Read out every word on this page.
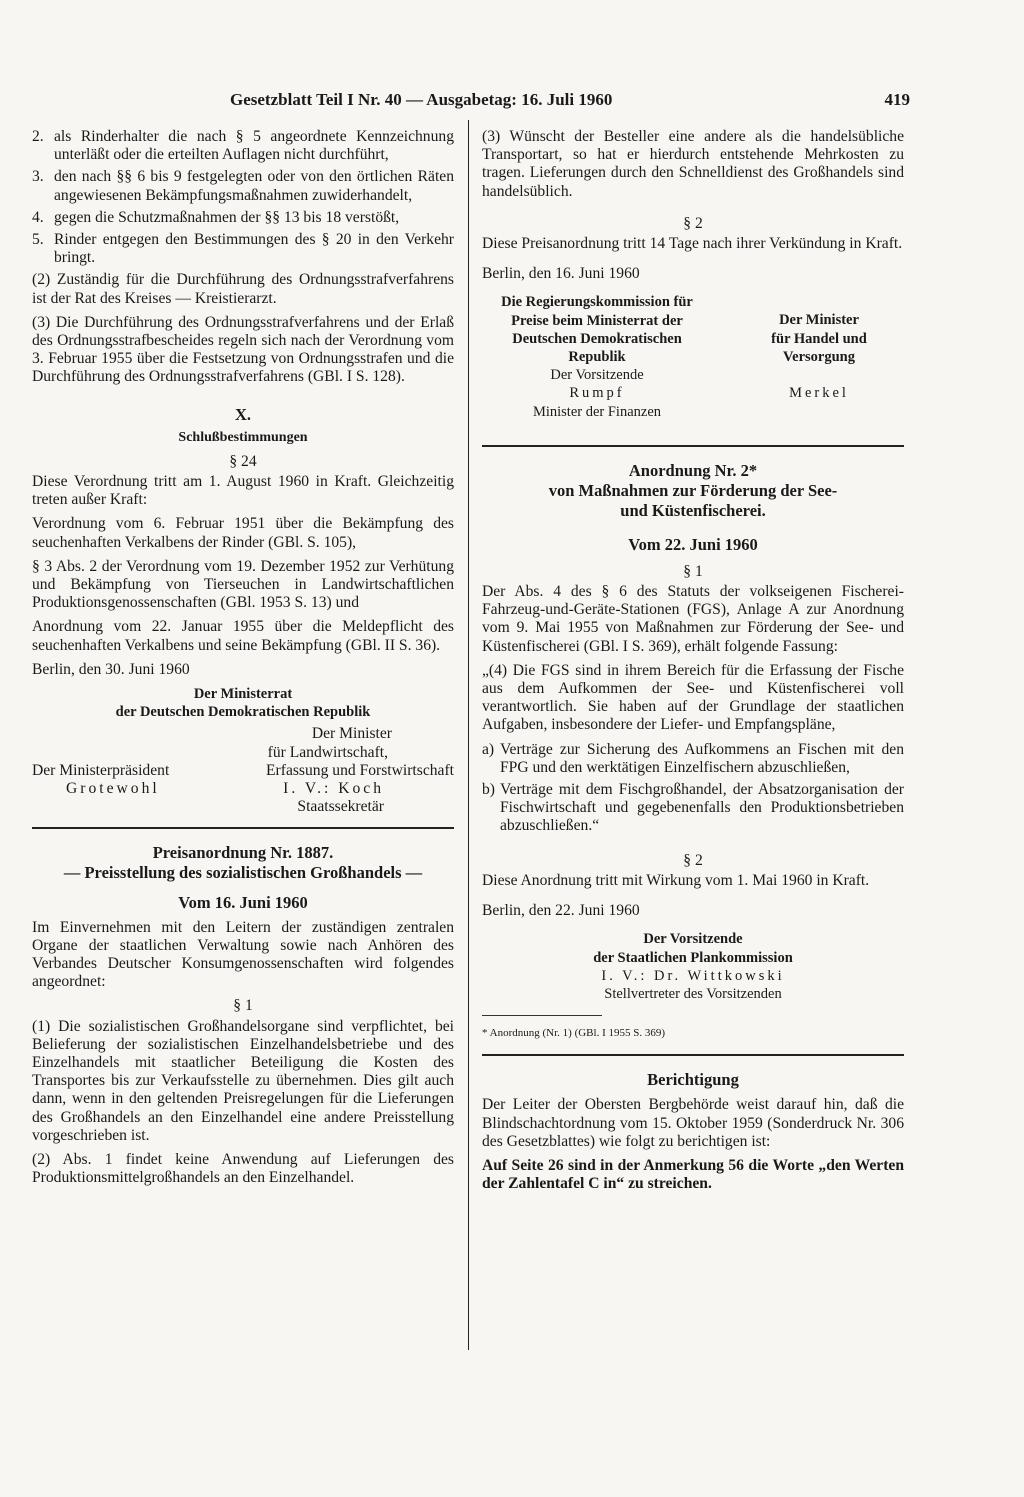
Gesetzblatt Teil I Nr. 40 — Ausgabetag: 16. Juli 1960	419
2. als Rinderhalter die nach § 5 angeordnete Kennzeichnung unterläßt oder die erteilten Auflagen nicht durchführt,
3. den nach §§ 6 bis 9 festgelegten oder von den örtlichen Räten angewiesenen Bekämpfungsmaßnahmen zuwiderhandelt,
4. gegen die Schutzmaßnahmen der §§ 13 bis 18 verstößt,
5. Rinder entgegen den Bestimmungen des § 20 in den Verkehr bringt.

(2) Zuständig für die Durchführung des Ordnungsstrafverfahrens ist der Rat des Kreises — Kreistierarzt.

(3) Die Durchführung des Ordnungsstrafverfahrens und der Erlaß des Ordnungsstrafbescheides regeln sich nach der Verordnung vom 3. Februar 1955 über die Festsetzung von Ordnungsstrafen und die Durchführung des Ordnungsstrafverfahrens (GBl. I S. 128).

X.
Schlußbestimmungen
§ 24

Diese Verordnung tritt am 1. August 1960 in Kraft. Gleichzeitig treten außer Kraft:

Verordnung vom 6. Februar 1951 über die Bekämpfung des seuchenhaften Verkalbens der Rinder (GBl. S. 105),

§ 3 Abs. 2 der Verordnung vom 19. Dezember 1952 zur Verhütung und Bekämpfung von Tierseuchen in Landwirtschaftlichen Produktionsgenossenschaften (GBl. 1953 S. 13) und

Anordnung vom 22. Januar 1955 über die Meldepflicht des seuchenhaften Verkalbens und seine Bekämpfung (GBl. II S. 36).

Berlin, den 30. Juni 1960

Der Ministerrat
der Deutschen Demokratischen Republik
Der Minister
für Landwirtschaft,
Der Ministerpräsident	Erfassung und Forstwirtschaft
Grotewohl	I. V.: Koch
Staatssekretär
Preisanordnung Nr. 1887.
— Preisstellung des sozialistischen Großhandels —
Vom 16. Juni 1960

Im Einvernehmen mit den Leitern der zuständigen zentralen Organe der staatlichen Verwaltung sowie nach Anhören des Verbandes Deutscher Konsumgenossenschaften wird folgendes angeordnet:

§ 1

(1) Die sozialistischen Großhandelsorgane sind verpflichtet, bei Belieferung der sozialistischen Einzelhandelsbetriebe und des Einzelhandels mit staatlicher Beteiligung die Kosten des Transportes bis zur Verkaufsstelle zu übernehmen. Dies gilt auch dann, wenn in den geltenden Preisregelungen für die Lieferungen des Großhandels an den Einzelhandel eine andere Preisstellung vorgeschrieben ist.

(2) Abs. 1 findet keine Anwendung auf Lieferungen des Produktionsmittelgroßhandels an den Einzelhandel.

(3) Wünscht der Besteller eine andere als die handelsübliche Transportart, so hat er hierdurch entstehende Mehrkosten zu tragen. Lieferungen durch den Schnelldienst des Großhandels sind handelsüblich.

§ 2

Diese Preisanordnung tritt 14 Tage nach ihrer Verkündung in Kraft.

Berlin, den 16. Juni 1960

Die Regierungskommission für
Preise beim Ministerrat der
Deutschen Demokratischen
Republik
Der Vorsitzende
Rumpf
Minister der Finanzen
Der Minister
für Handel und
Versorgung
Merkel
Anordnung Nr. 2*
von Maßnahmen zur Förderung der See-
und Küstenfischerei.
Vom 22. Juni 1960
§ 1

Der Abs. 4 des § 6 des Statuts der volkseigenen Fischerei-Fahrzeug-und-Geräte-Stationen (FGS), Anlage A zur Anordnung vom 9. Mai 1955 von Maßnahmen zur Förderung der See- und Küstenfischerei (GBl. I S. 369), erhält folgende Fassung:

„(4) Die FGS sind in ihrem Bereich für die Erfassung der Fische aus dem Aufkommen der See- und Küstenfischerei voll verantwortlich. Sie haben auf der Grundlage der staatlichen Aufgaben, insbesondere der Liefer- und Empfangspläne,

a) Verträge zur Sicherung des Aufkommens an Fischen mit den FPG und den werktätigen Einzelfischern abzuschließen,
b) Verträge mit dem Fischgroßhandel, der Absatzorganisation der Fischwirtschaft und gegebenenfalls den Produktionsbetrieben abzuschließen.“
§ 2

Diese Anordnung tritt mit Wirkung vom 1. Mai 1960 in Kraft.

Berlin, den 22. Juni 1960

Der Vorsitzende
der Staatlichen Plankommission
I. V.: Dr. Wittkowski
Stellvertreter des Vorsitzenden
* Anordnung (Nr. 1) (GBl. I 1955 S. 369)
Berichtigung

Der Leiter der Obersten Bergbehörde weist darauf hin, daß die Blindschachtordnung vom 15. Oktober 1959 (Sonderdruck Nr. 306 des Gesetzblattes) wie folgt zu berichtigen ist:

Auf Seite 26 sind in der Anmerkung 56 die Worte „den Werten der Zahlentafel C in“ zu streichen.
